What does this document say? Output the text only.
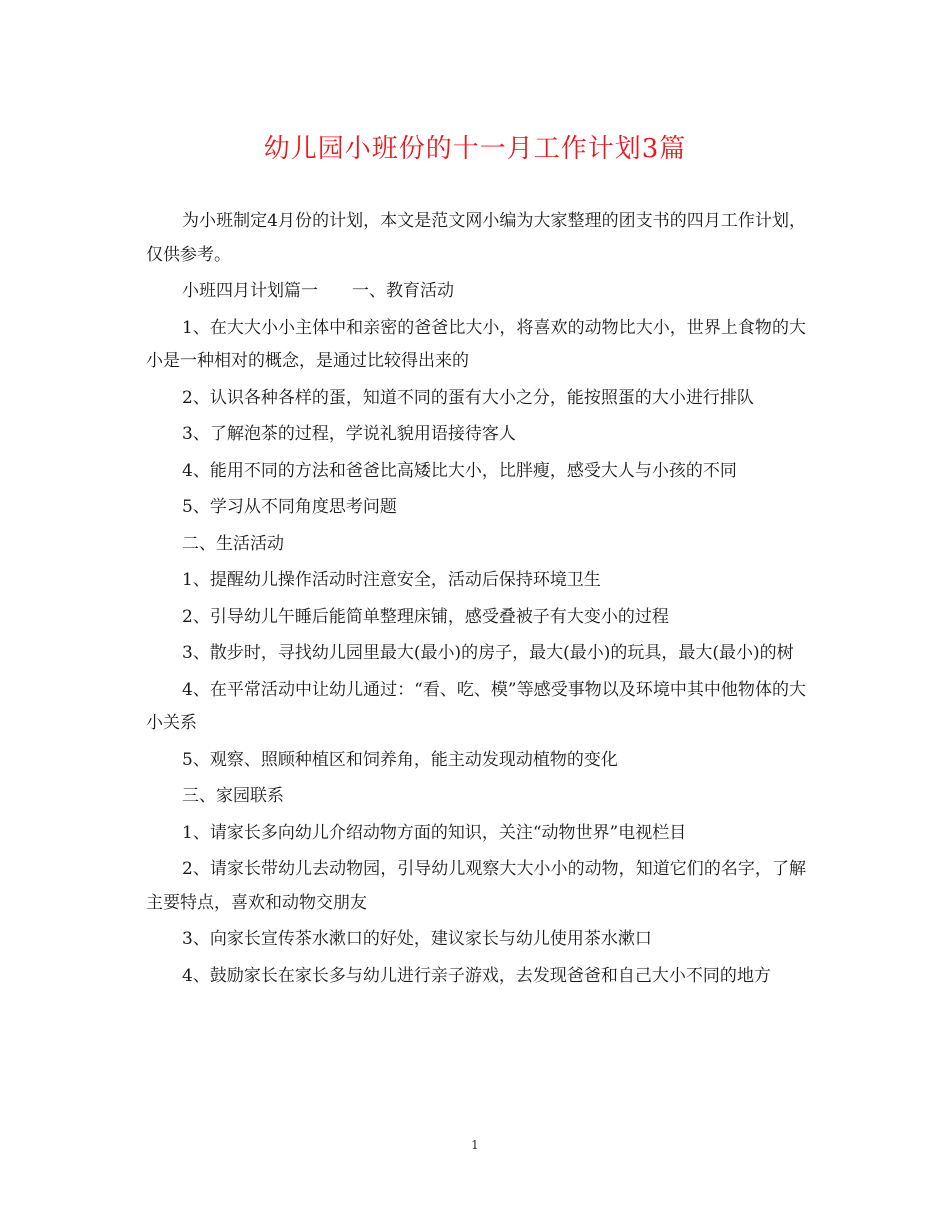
幼儿园小班份的十一月工作计划3篇

为小班制定4月份的计划，本文是范文网小编为大家整理的团支书的四月工作计划，仅供参考。

小班四月计划篇一　　一、教育活动

1、在大大小小主体中和亲密的爸爸比大小，将喜欢的动物比大小，世界上食物的大小是一种相对的概念，是通过比较得出来的

2、认识各种各样的蛋，知道不同的蛋有大小之分，能按照蛋的大小进行排队

3、了解泡茶的过程，学说礼貌用语接待客人

4、能用不同的方法和爸爸比高矮比大小，比胖瘦，感受大人与小孩的不同

5、学习从不同角度思考问题

二、生活活动

1、提醒幼儿操作活动时注意安全，活动后保持环境卫生

2、引导幼儿午睡后能简单整理床铺，感受叠被子有大变小的过程

3、散步时，寻找幼儿园里最大(最小)的房子，最大(最小)的玩具，最大(最小)的树

4、在平常活动中让幼儿通过：“看、吃、模”等感受事物以及环境中其中他物体的大小关系

5、观察、照顾种植区和饲养角，能主动发现动植物的变化

三、家园联系

1、请家长多向幼儿介绍动物方面的知识，关注“动物世界”电视栏目

2、请家长带幼儿去动物园，引导幼儿观察大大小小的动物，知道它们的名字，了解主要特点，喜欢和动物交朋友

3、向家长宣传茶水漱口的好处，建议家长与幼儿使用茶水漱口

4、鼓励家长在家长多与幼儿进行亲子游戏，去发现爸爸和自己大小不同的地方

1
